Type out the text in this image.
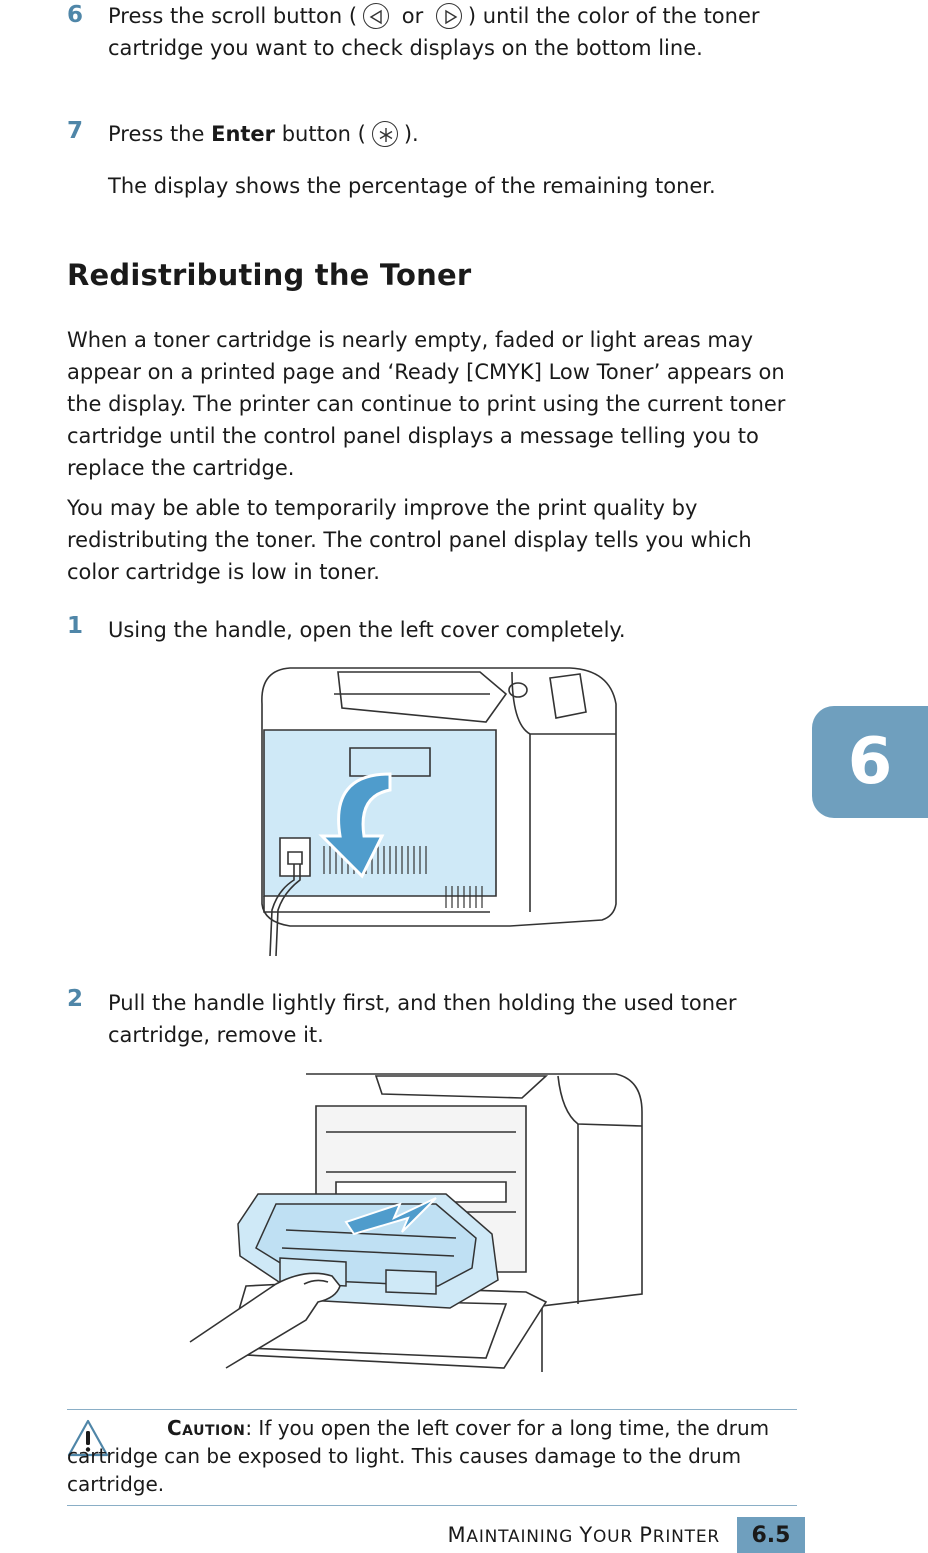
6 Press the scroll button (
or
) until the color of the toner cartridge you want to check displays on the bottom line.
7 Press the Enter button ( ).
The display shows the percentage of the remaining toner.
Redistributing the Toner
When a toner cartridge is nearly empty, faded or light areas may appear on a printed page and ‘Ready [CMYK] Low Toner’ appears on the display. The printer can continue to print using the current toner cartridge until the control panel displays a message telling you to replace the cartridge.
You may be able to temporarily improve the print quality by redistributing the toner. The control panel display tells you which color cartridge is low in toner.
1 Using the handle, open the left cover completely.
2 Pull the handle lightly first, and then holding the used toner cartridge, remove it.
Caution: If you open the left cover for a long time, the drum cartridge can be exposed to light. This causes damage to the drum cartridge.
6
MAINTAINING YOUR PRINTER	6.5
